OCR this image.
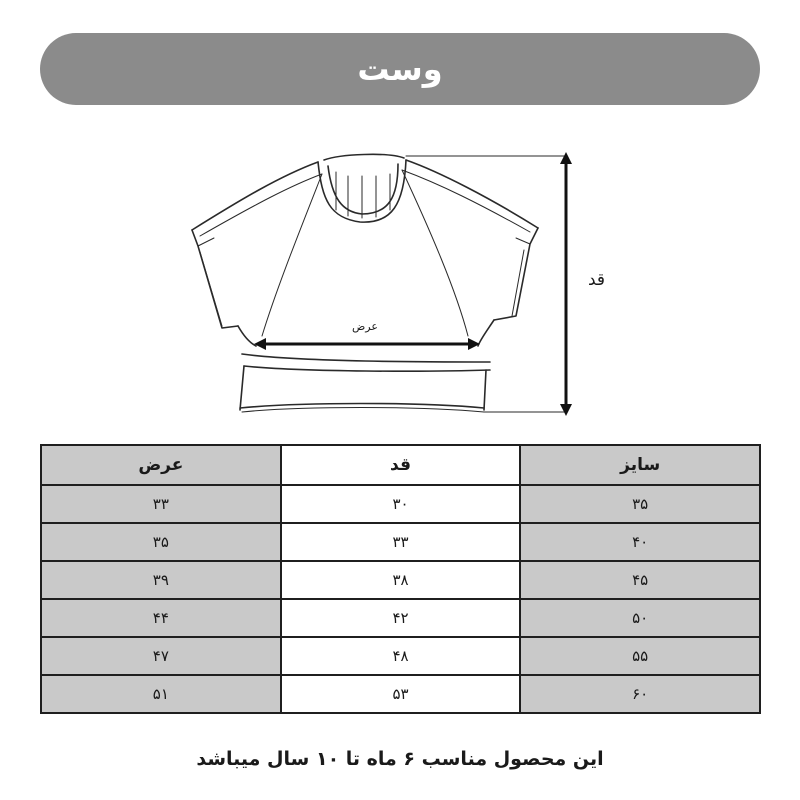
وست
قد
عرض
سایز	قد	عرض
۳۵	۳۰	۳۳
۴۰	۳۳	۳۵
۴۵	۳۸	۳۹
۵۰	۴۲	۴۴
۵۵	۴۸	۴۷
۶۰	۵۳	۵۱
این محصول مناسب ۶ ماه تا ۱۰ سال میباشد
